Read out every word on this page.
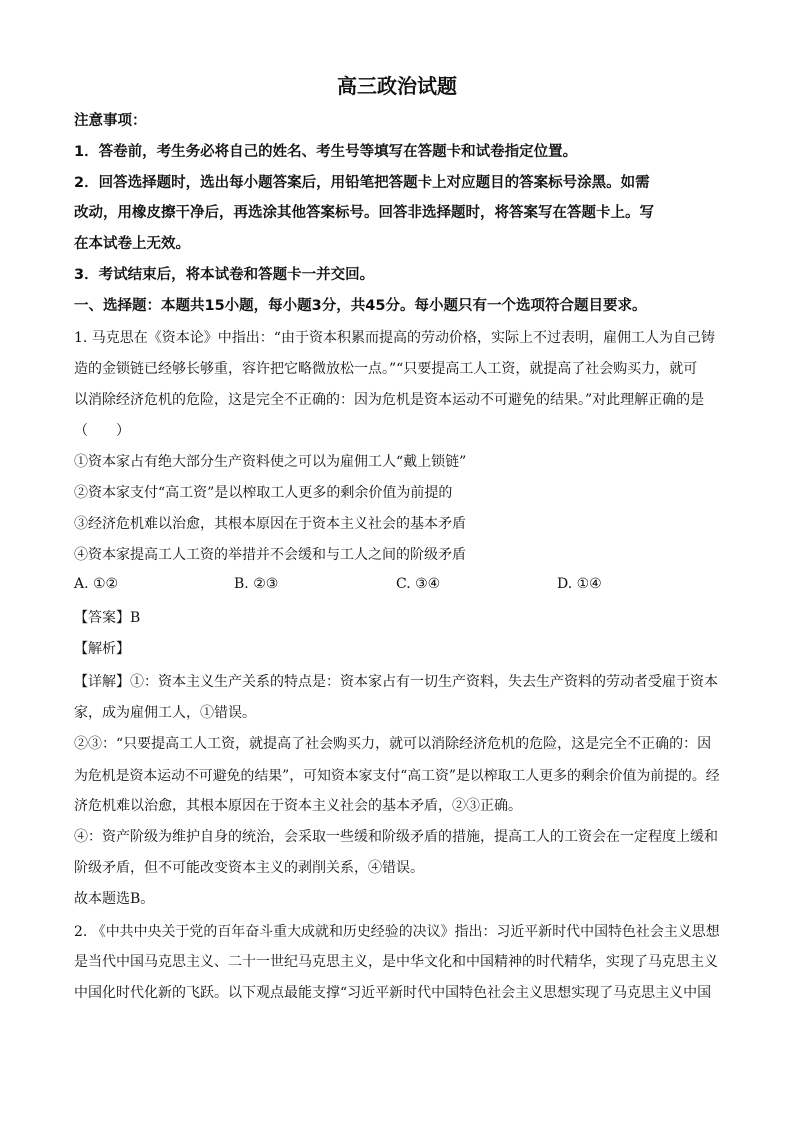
高三政治试题
注意事项：
1．答卷前，考生务必将自己的姓名、考生号等填写在答题卡和试卷指定位置。
2．回答选择题时，选出每小题答案后，用铅笔把答题卡上对应题目的答案标号涂黑。如需
改动，用橡皮擦干净后，再选涂其他答案标号。回答非选择题时，将答案写在答题卡上。写
在本试卷上无效。
3．考试结束后，将本试卷和答题卡一并交回。
一、选择题：本题共15小题，每小题3分，共45分。每小题只有一个选项符合题目要求。
1. 马克思在《资本论》中指出：“由于资本积累而提高的劳动价格，实际上不过表明，雇佣工人为自己铸
造的金锁链已经够长够重，容许把它略微放松一点。”“只要提高工人工资，就提高了社会购买力，就可
以消除经济危机的危险，这是完全不正确的：因为危机是资本运动不可避免的结果。”对此理解正确的是
（　　）
①资本家占有绝大部分生产资料使之可以为雇佣工人“戴上锁链”
②资本家支付“高工资”是以榨取工人更多的剩余价值为前提的
③经济危机难以治愈，其根本原因在于资本主义社会的基本矛盾
④资本家提高工人工资的举措并不会缓和与工人之间的阶级矛盾
A. ①②	B. ②③	C. ③④	D. ①④
【答案】B
【解析】
【详解】①：资本主义生产关系的特点是：资本家占有一切生产资料，失去生产资料的劳动者受雇于资本
家，成为雇佣工人，①错误。
②③：“只要提高工人工资，就提高了社会购买力，就可以消除经济危机的危险，这是完全不正确的：因
为危机是资本运动不可避免的结果”，可知资本家支付“高工资”是以榨取工人更多的剩余价值为前提的。经
济危机难以治愈，其根本原因在于资本主义社会的基本矛盾，②③正确。
④：资产阶级为维护自身的统治，会采取一些缓和阶级矛盾的措施，提高工人的工资会在一定程度上缓和
阶级矛盾，但不可能改变资本主义的剥削关系，④错误。
故本题选B。
2. 《中共中央关于党的百年奋斗重大成就和历史经验的决议》指出：习近平新时代中国特色社会主义思想
是当代中国马克思主义、二十一世纪马克思主义，是中华文化和中国精神的时代精华，实现了马克思主义
中国化时代化新的飞跃。以下观点最能支撑“习近平新时代中国特色社会主义思想实现了马克思主义中国
